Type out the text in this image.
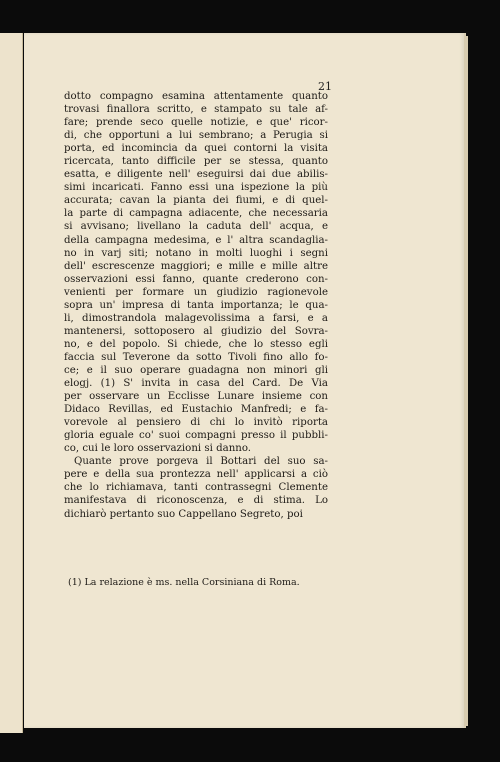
21
dotto compagno esamina attentamente quanto
trovasi finallora scritto, e stampato su tale af-
fare; prende seco quelle notizie, e que' ricor-
di, che opportuni a lui sembrano; a Perugia si
porta, ed incomincia da quei contorni la visita
ricercata, tanto difficile per se stessa, quanto
esatta, e diligente nell' eseguirsi dai due abilis-
simi incaricati. Fanno essi una ispezione la più
accurata; cavan la pianta dei fiumi, e di quel-
la parte di campagna adiacente, che necessaria
si avvisano; livellano la caduta dell' acqua, e
della campagna medesima, e l' altra scandaglia-
no in varj siti; notano in molti luoghi i segni
dell' escrescenze maggiori; e mille e mille altre
osservazioni essi fanno, quante crederono con-
venienti per formare un giudizio ragionevole
sopra un' impresa di tanta importanza; le qua-
li, dimostrandola malagevolissima a farsi, e a
mantenersi, sottoposero al giudizio del Sovra-
no, e del popolo. Si chiede, che lo stesso egli
faccia sul Teverone da sotto Tivoli fino allo fo-
ce; e il suo operare guadagna non minori gli
elogj. (1) S' invita in casa del Card. De Via
per osservare un Ecclisse Lunare insieme con
Didaco Revillas, ed Eustachio Manfredi; e fa-
vorevole al pensiero di chi lo invitò riporta
gloria eguale co' suoi compagni presso il pubbli-
co, cui le loro osservazioni si danno.
Quante prove porgeva il Bottari del suo sa-
pere e della sua prontezza nell' applicarsi a ciò
che lo richiamava, tanti contrassegni Clemente
manifestava di riconoscenza, e di stima. Lo
dichiarò pertanto suo Cappellano Segreto, poi
(1) La relazione è ms. nella Corsiniana di Roma.
